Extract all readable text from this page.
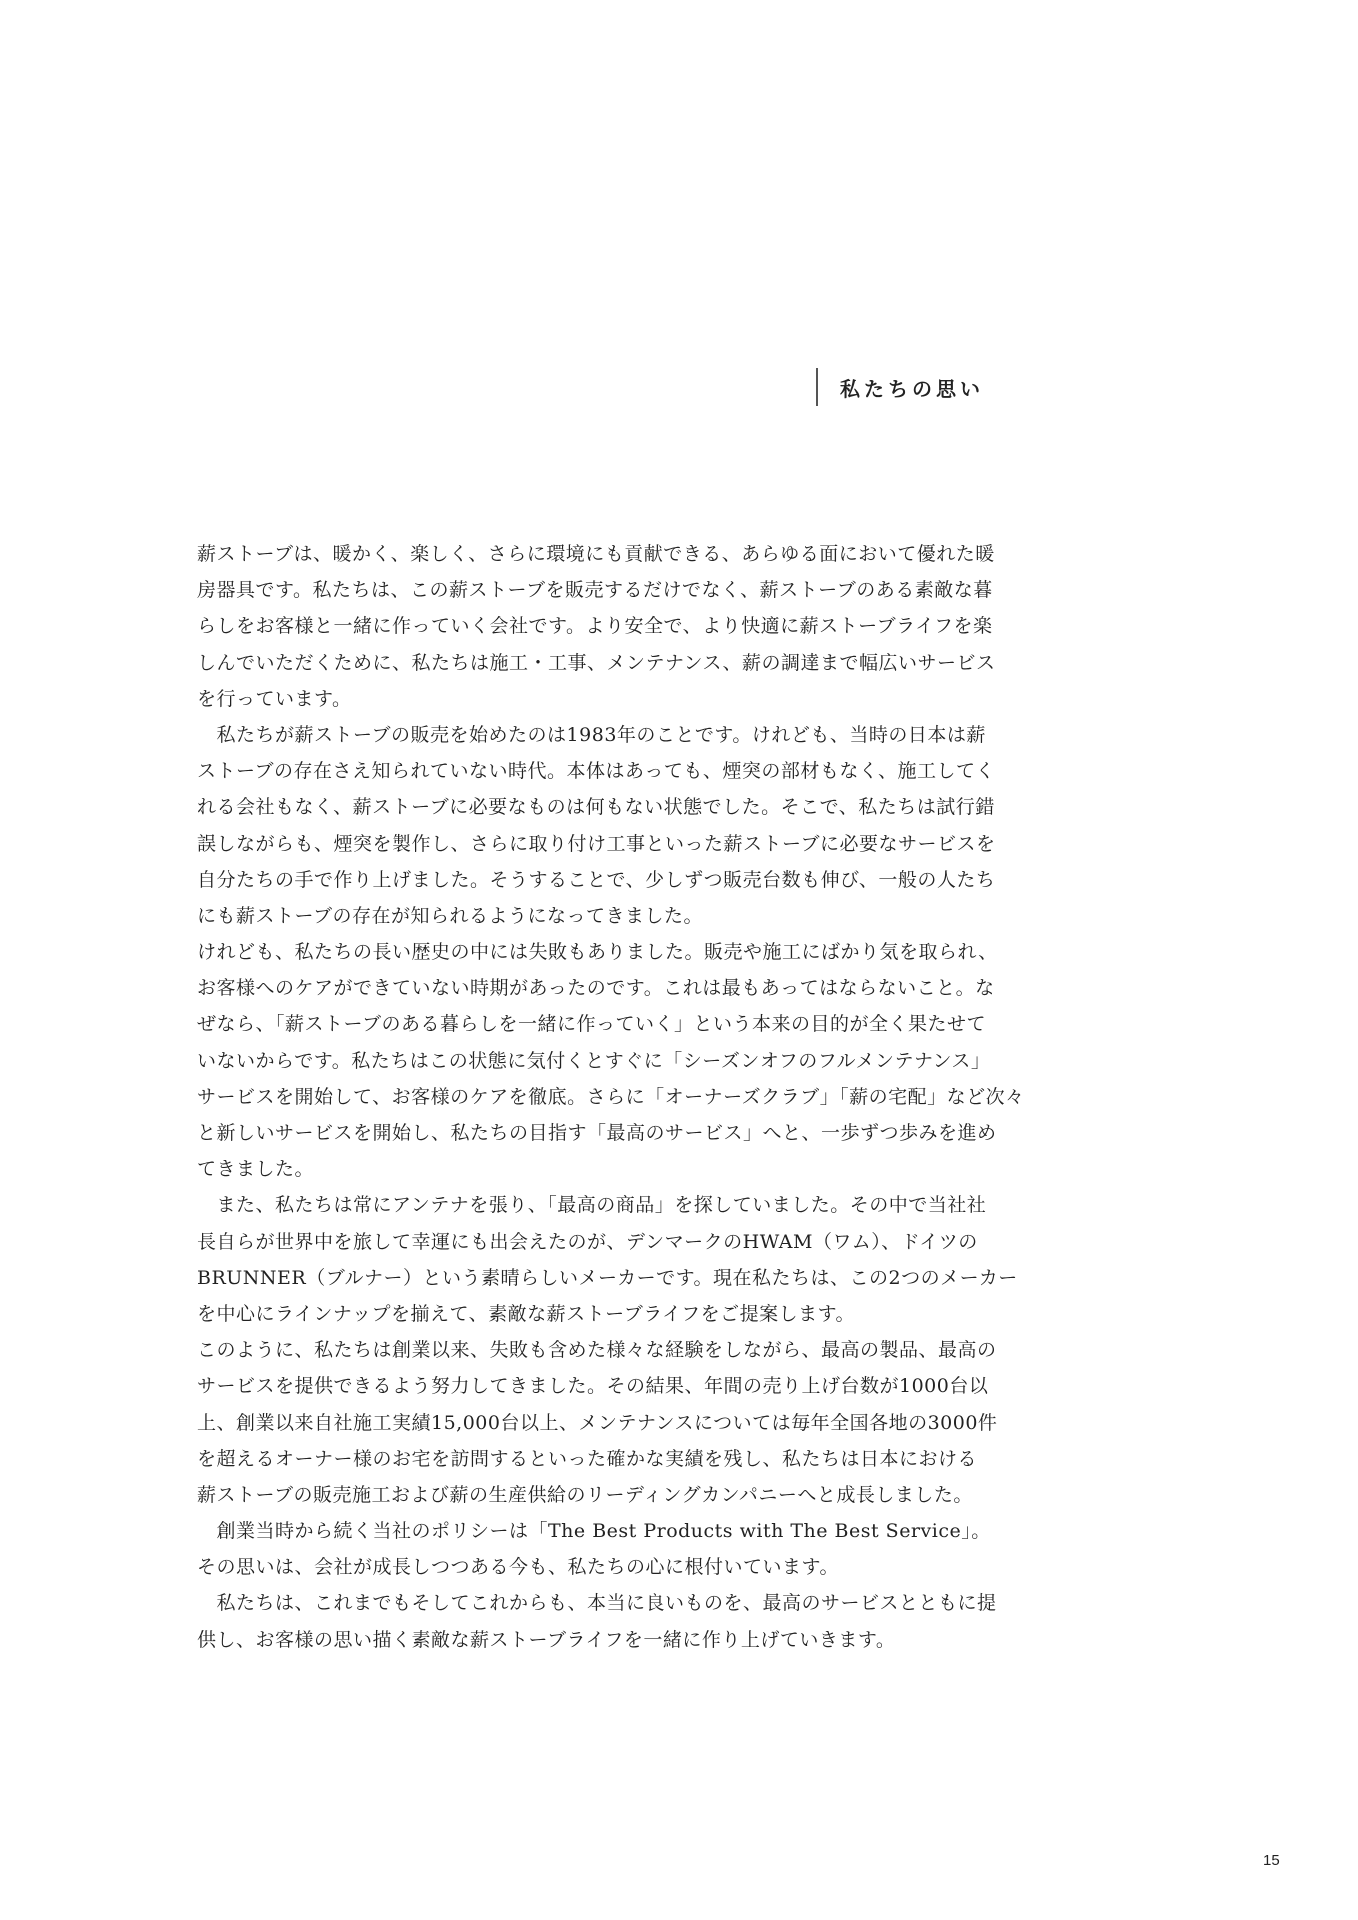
私たちの思い
薪ストーブは、暖かく、楽しく、さらに環境にも貢献できる、あらゆる面において優れた暖
房器具です。私たちは、この薪ストーブを販売するだけでなく、薪ストーブのある素敵な暮
らしをお客様と一緒に作っていく会社です。より安全で、より快適に薪ストーブライフを楽
しんでいただくために、私たちは施工・工事、メンテナンス、薪の調達まで幅広いサービス
を行っています。
　私たちが薪ストーブの販売を始めたのは1983年のことです。けれども、当時の日本は薪
ストーブの存在さえ知られていない時代。本体はあっても、煙突の部材もなく、施工してく
れる会社もなく、薪ストーブに必要なものは何もない状態でした。そこで、私たちは試行錯
誤しながらも、煙突を製作し、さらに取り付け工事といった薪ストーブに必要なサービスを
自分たちの手で作り上げました。そうすることで、少しずつ販売台数も伸び、一般の人たち
にも薪ストーブの存在が知られるようになってきました。
けれども、私たちの長い歴史の中には失敗もありました。販売や施工にばかり気を取られ、
お客様へのケアができていない時期があったのです。これは最もあってはならないこと。な
ぜなら、「薪ストーブのある暮らしを一緒に作っていく」という本来の目的が全く果たせて
いないからです。私たちはこの状態に気付くとすぐに「シーズンオフのフルメンテナンス」
サービスを開始して、お客様のケアを徹底。さらに「オーナーズクラブ」「薪の宅配」など次々
と新しいサービスを開始し、私たちの目指す「最高のサービス」へと、一歩ずつ歩みを進め
てきました。
　また、私たちは常にアンテナを張り、「最高の商品」を探していました。その中で当社社
長自らが世界中を旅して幸運にも出会えたのが、デンマークのHWAM（ワム）、ドイツの
BRUNNER（ブルナー）という素晴らしいメーカーです。現在私たちは、この2つのメーカー
を中心にラインナップを揃えて、素敵な薪ストーブライフをご提案します。
このように、私たちは創業以来、失敗も含めた様々な経験をしながら、最高の製品、最高の
サービスを提供できるよう努力してきました。その結果、年間の売り上げ台数が1000台以
上、創業以来自社施工実績15,000台以上、メンテナンスについては毎年全国各地の3000件
を超えるオーナー様のお宅を訪問するといった確かな実績を残し、私たちは日本における
薪ストーブの販売施工および薪の生産供給のリーディングカンパニーへと成長しました。
　創業当時から続く当社のポリシーは「The Best Products with The Best Service」。
その思いは、会社が成長しつつある今も、私たちの心に根付いています。
　私たちは、これまでもそしてこれからも、本当に良いものを、最高のサービスとともに提
供し、お客様の思い描く素敵な薪ストーブライフを一緒に作り上げていきます。
15
